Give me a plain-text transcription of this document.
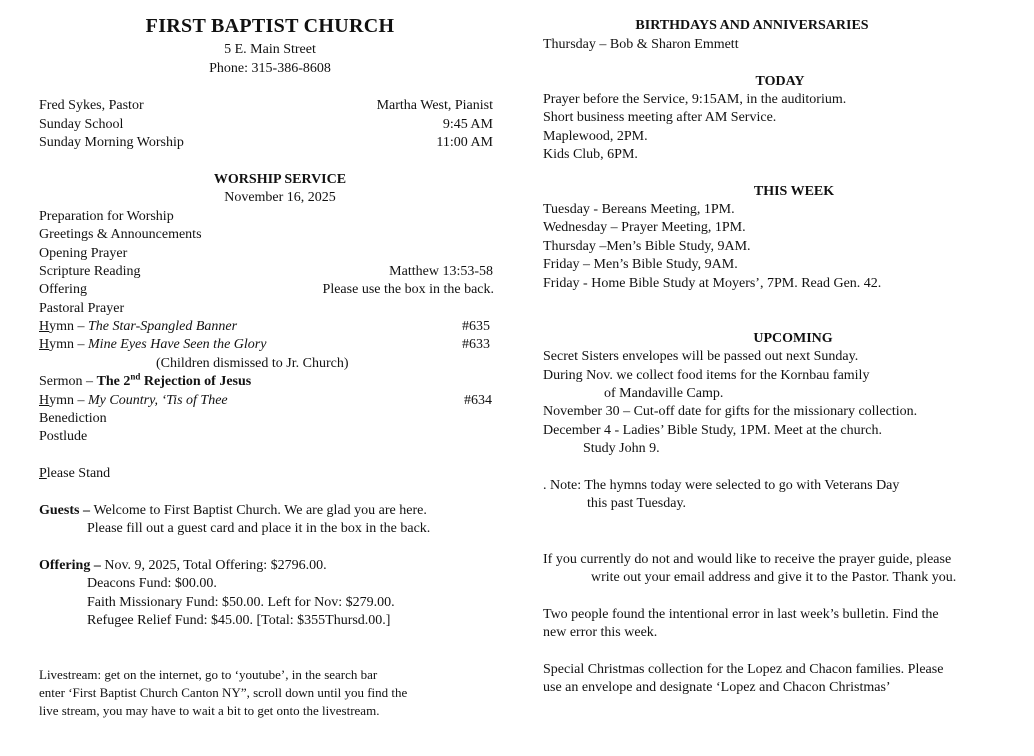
FIRST BAPTIST CHURCH
5 E. Main Street
Phone: 315-386-8608
Fred Sykes, Pastor	Martha West, Pianist
Sunday School	9:45 AM
Sunday Morning Worship	11:00 AM
WORSHIP SERVICE
November 16, 2025
Preparation for Worship
Greetings & Announcements
Opening Prayer
Scripture Reading	Matthew 13:53-58
Offering	Please use the box in the back.
Pastoral Prayer
Hymn – The Star-Spangled Banner	#635
Hymn – Mine Eyes Have Seen the Glory	#633
(Children dismissed to Jr. Church)
Sermon – The 2nd Rejection of Jesus
Hymn – My Country, ‘Tis of Thee	#634
Benediction
Postlude
Please Stand
Guests – Welcome to First Baptist Church. We are glad you are here.
Please fill out a guest card and place it in the box in the back.
Offering – Nov. 9, 2025, Total Offering: $2796.00.
Deacons Fund: $00.00.
Faith Missionary Fund: $50.00. Left for Nov: $279.00.
Refugee Relief Fund: $45.00. [Total: $355Thursd.00.]
Livestream: get on the internet, go to ‘youtube’, in the search bar
enter ‘First Baptist Church Canton NY”, scroll down until you find the
live stream, you may have to wait a bit to get onto the livestream.
BIRTHDAYS AND ANNIVERSARIES
Thursday – Bob & Sharon Emmett
TODAY
Prayer before the Service, 9:15AM, in the auditorium.
Short business meeting after AM Service.
Maplewood, 2PM.
Kids Club, 6PM.
THIS WEEK
Tuesday - Bereans Meeting, 1PM.
Wednesday – Prayer Meeting, 1PM.
Thursday –Men’s Bible Study, 9AM.
Friday – Men’s Bible Study, 9AM.
Friday - Home Bible Study at Moyers’, 7PM. Read Gen. 42.
UPCOMING
Secret Sisters envelopes will be passed out next Sunday.
During Nov. we collect food items for the Kornbau family
of Mandaville Camp.
November 30 – Cut-off date for gifts for the missionary collection.
December 4 - Ladies’ Bible Study, 1PM. Meet at the church.
Study John 9.
. Note: The hymns today were selected to go with Veterans Day
this past Tuesday.
If you currently do not and would like to receive the prayer guide, please
write out your email address and give it to the Pastor. Thank you.
Two people found the intentional error in last week’s bulletin. Find the
new error this week.
Special Christmas collection for the Lopez and Chacon families. Please
use an envelope and designate ‘Lopez and Chacon Christmas’
